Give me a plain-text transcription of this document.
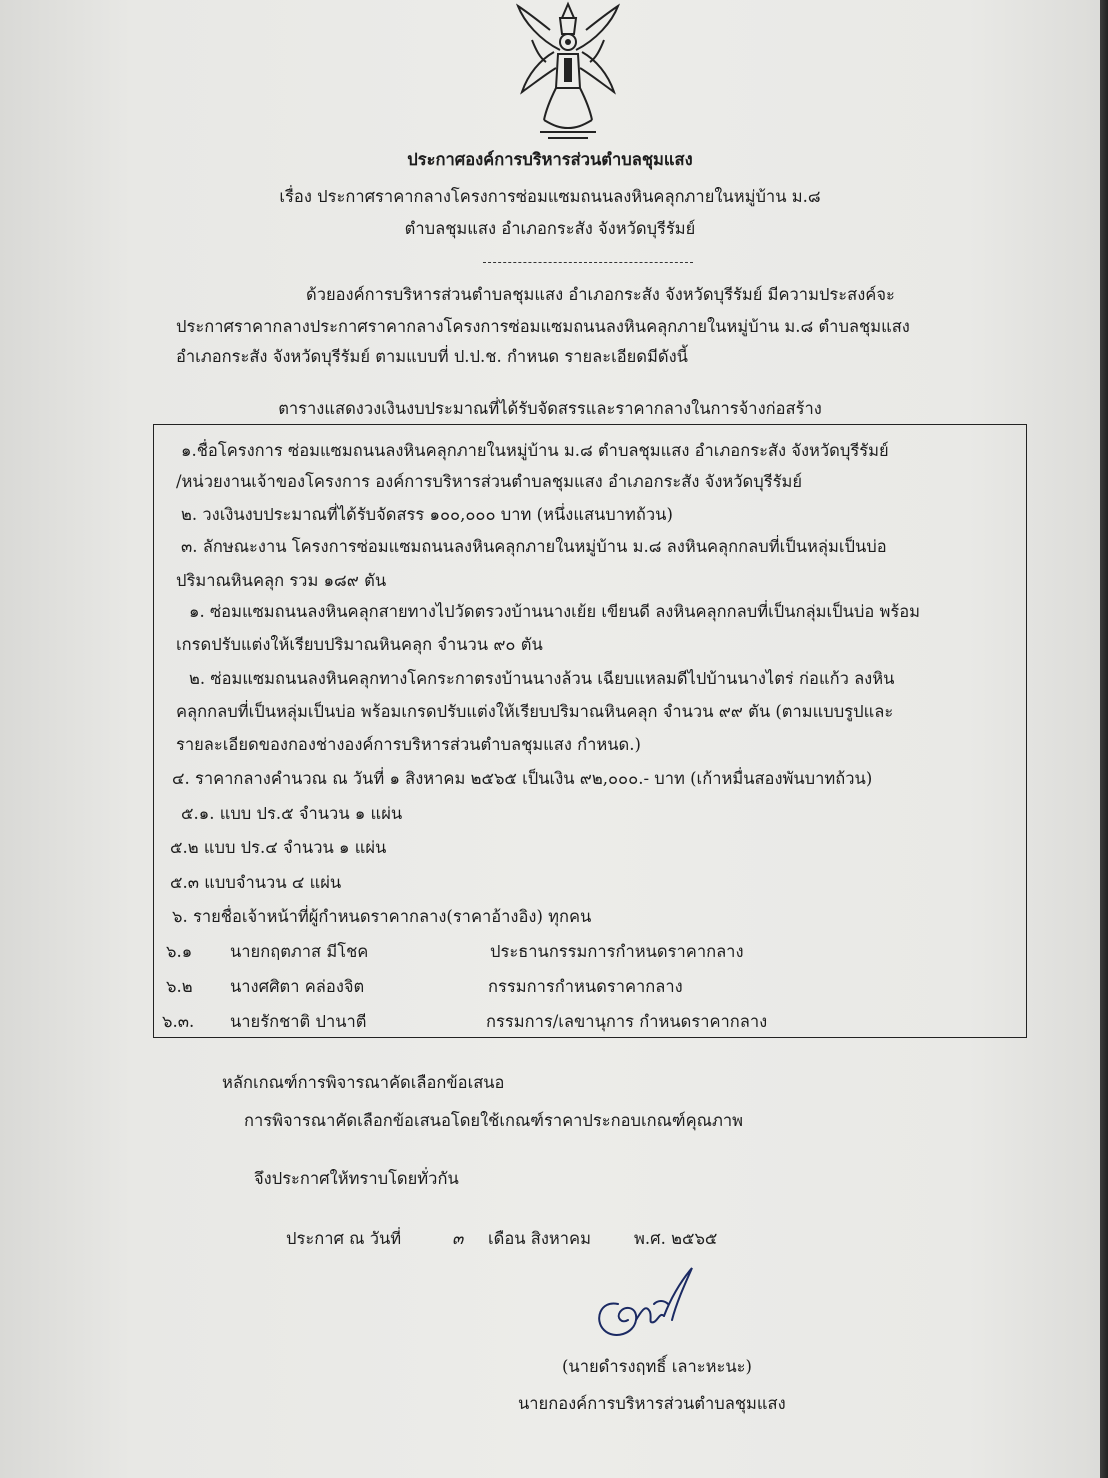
ประกาศองค์การบริหารส่วนตำบลชุมแสง
เรื่อง ประกาศราคากลางโครงการซ่อมแซมถนนลงหินคลุกภายในหมู่บ้าน ม.๘
ตำบลชุมแสง อำเภอกระสัง จังหวัดบุรีรัมย์
ด้วยองค์การบริหารส่วนตำบลชุมแสง อำเภอกระสัง จังหวัดบุรีรัมย์ มีความประสงค์จะ
ประกาศราคากลางประกาศราคากลางโครงการซ่อมแซมถนนลงหินคลุกภายในหมู่บ้าน ม.๘ ตำบลชุมแสง
อำเภอกระสัง จังหวัดบุรีรัมย์ ตามแบบที่ ป.ป.ช. กำหนด รายละเอียดมีดังนี้
ตารางแสดงวงเงินงบประมาณที่ได้รับจัดสรรและราคากลางในการจ้างก่อสร้าง
๑.ชื่อโครงการ ซ่อมแซมถนนลงหินคลุกภายในหมู่บ้าน ม.๘ ตำบลชุมแสง อำเภอกระสัง จังหวัดบุรีรัมย์
/หน่วยงานเจ้าของโครงการ องค์การบริหารส่วนตำบลชุมแสง อำเภอกระสัง จังหวัดบุรีรัมย์
๒. วงเงินงบประมาณที่ได้รับจัดสรร ๑๐๐,๐๐๐ บาท (หนึ่งแสนบาทถ้วน)
๓. ลักษณะงาน โครงการซ่อมแซมถนนลงหินคลุกภายในหมู่บ้าน ม.๘ ลงหินคลุกกลบที่เป็นหลุ่มเป็นบ่อ
ปริมาณหินคลุก รวม ๑๘๙ ตัน
๑. ซ่อมแซมถนนลงหินคลุกสายทางไปวัดตรวงบ้านนางเย้ย เขียนดี ลงหินคลุกกลบที่เป็นกลุ่มเป็นบ่อ พร้อม
เกรดปรับแต่งให้เรียบปริมาณหินคลุก จำนวน ๙๐ ตัน
๒. ซ่อมแซมถนนลงหินคลุกทางโคกระกาตรงบ้านนางล้วน เฉียบแหลมดีไปบ้านนางไตร่ ก่อแก้ว ลงหิน
คลุกกลบที่เป็นหลุ่มเป็นบ่อ พร้อมเกรดปรับแต่งให้เรียบปริมาณหินคลุก จำนวน ๙๙ ตัน (ตามแบบรูปและ
รายละเอียดของกองช่างองค์การบริหารส่วนตำบลชุมแสง กำหนด.)
๔. ราคากลางคำนวณ ณ วันที่ ๑ สิงหาคม ๒๕๖๕ เป็นเงิน ๙๒,๐๐๐.- บาท (เก้าหมื่นสองพันบาทถ้วน)
๕.๑. แบบ ปร.๕ จำนวน ๑ แผ่น
๕.๒ แบบ ปร.๔ จำนวน ๑ แผ่น
๕.๓ แบบจำนวน ๔ แผ่น
๖. รายชื่อเจ้าหน้าที่ผู้กำหนดราคากลาง(ราคาอ้างอิง) ทุกคน
๖.๑ นายกฤตภาส มีโชค	ประธานกรรมการกำหนดราคากลาง
๖.๒ นางศศิตา คล่องจิต	กรรมการกำหนดราคากลาง
๖.๓. นายรักชาติ ปานาตี	กรรมการ/เลขานุการ กำหนดราคากลาง
หลักเกณฑ์การพิจารณาคัดเลือกข้อเสนอ
การพิจารณาคัดเลือกข้อเสนอโดยใช้เกณฑ์ราคาประกอบเกณฑ์คุณภาพ
จึงประกาศให้ทราบโดยทั่วกัน
ประกาศ ณ วันที่	๓ เดือน สิงหาคม	พ.ศ. ๒๕๖๕
(นายดำรงฤทธิ์ เลาะหะนะ)
นายกองค์การบริหารส่วนตำบลชุมแสง
